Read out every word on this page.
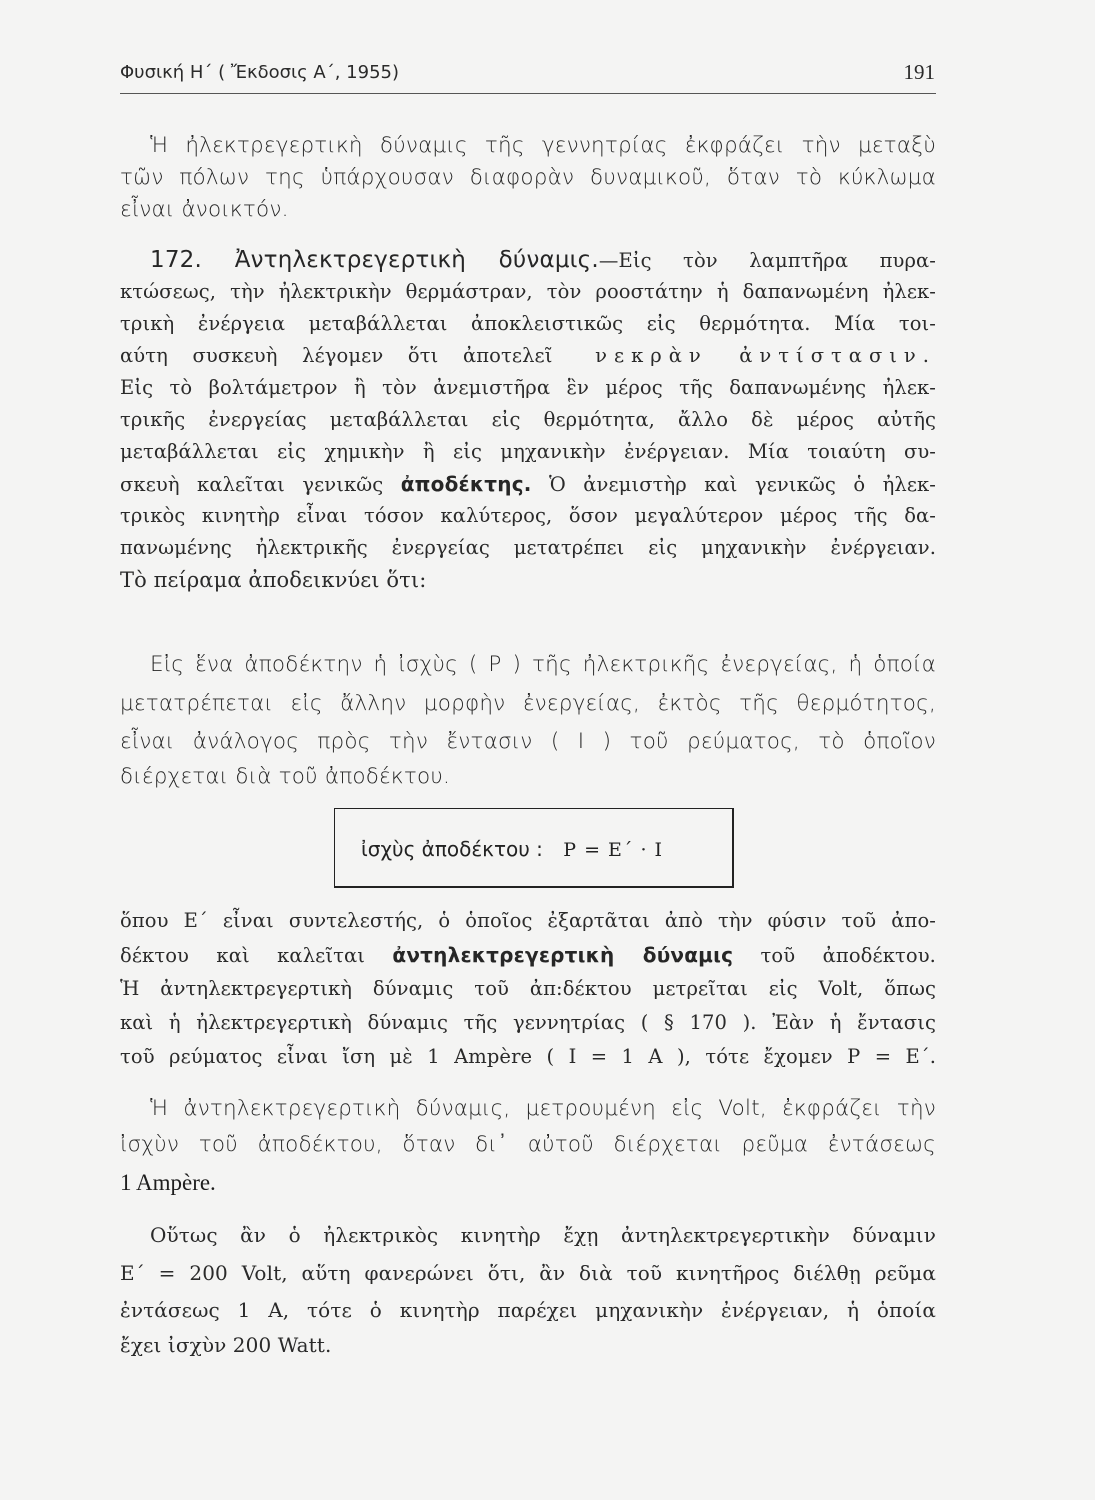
Φυσική Η΄ ( Ἔκδοσις Α΄, 1955)	191
Ἡ ἠλεκτρεγερτικὴ δύναμις τῆς γεννητρίας ἐκφράζει τὴν μεταξὺ
τῶν πόλων της ὑπάρχουσαν διαφορὰν δυναμικοῦ, ὅταν τὸ κύκλωμα
εἶναι ἀνοικτόν.
172. Ἀντηλεκτρεγερτικὴ δύναμις.—Εἰς τὸν λαμπτῆρα πυρα-
κτώσεως, τὴν ἠλεκτρικὴν θερμάστραν, τὸν ροοστάτην ἡ δαπανωμένη ἠλεκ-
τρικὴ ἐνέργεια μεταβάλλεται ἀποκλειστικῶς εἰς θερμότητα. Μία τοι-
αύτη συσκευὴ λέγομεν ὅτι ἀποτελεῖ νεκρὰν ἀντίστασιν.
Εἰς τὸ βολτάμετρον ἢ τὸν ἀνεμιστῆρα ἓν μέρος τῆς δαπανωμένης ἠλεκ-
τρικῆς ἐνεργείας μεταβάλλεται εἰς θερμότητα, ἄλλο δὲ μέρος αὐτῆς
μεταβάλλεται εἰς χημικὴν ἢ εἰς μηχανικὴν ἐνέργειαν. Μία τοιαύτη συ-
σκευὴ καλεῖται γενικῶς ἀποδέκτης. Ὁ ἀνεμιστὴρ καὶ γενικῶς ὁ ἠλεκ-
τρικὸς κινητὴρ εἶναι τόσον καλύτερος, ὅσον μεγαλύτερον μέρος τῆς δα-
πανωμένης ἠλεκτρικῆς ἐνεργείας μετατρέπει εἰς μηχανικὴν ἐνέργειαν.
Τὸ πείραμα ἀποδεικνύει ὅτι:
Εἰς ἕνα ἀποδέκτην ἡ ἰσχὺς ( P ) τῆς ἠλεκτρικῆς ἐνεργείας, ἡ ὁποία
μετατρέπεται εἰς ἄλλην μορφὴν ἐνεργείας, ἐκτὸς τῆς θερμότητος,
εἶναι ἀνάλογος πρὸς τὴν ἔντασιν ( I ) τοῦ ρεύματος, τὸ ὁποῖον
διέρχεται διὰ τοῦ ἀποδέκτου.
ἰσχὺς ἀποδέκτου : P = E΄ · I
ὅπου E΄ εἶναι συντελεστής, ὁ ὁποῖος ἐξαρτᾶται ἀπὸ τὴν φύσιν τοῦ ἀπο-
δέκτου καὶ καλεῖται ἀντηλεκτρεγερτικὴ δύναμις τοῦ ἀποδέκτου.
Ἡ ἀντηλεκτρεγερτικὴ δύναμις τοῦ ἀπ:δέκτου μετρεῖται εἰς Volt, ὅπως
καὶ ἡ ἠλεκτρεγερτικὴ δύναμις τῆς γεννητρίας ( § 170 ). Ἐὰν ἡ ἔντασις
τοῦ ρεύματος εἶναι ἴση μὲ 1 Ampère ( I = 1 A ), τότε ἔχομεν P = E΄.
Ἡ ἀντηλεκτρεγερτικὴ δύναμις, μετρουμένη εἰς Volt, ἐκφράζει τὴν
ἰσχὺν τοῦ ἀποδέκτου, ὅταν δι᾽ αὐτοῦ διέρχεται ρεῦμα ἐντάσεως
1 Ampère.
Οὕτως ἂν ὁ ἠλεκτρικὸς κινητὴρ ἔχῃ ἀντηλεκτρεγερτικὴν δύναμιν
E΄ = 200 Volt, αὕτη φανερώνει ὅτι, ἂν διὰ τοῦ κινητῆρος διέλθῃ ρεῦμα
ἐντάσεως 1 A, τότε ὁ κινητὴρ παρέχει μηχανικὴν ἐνέργειαν, ἡ ὁποία
ἔχει ἰσχὺν 200 Watt.
